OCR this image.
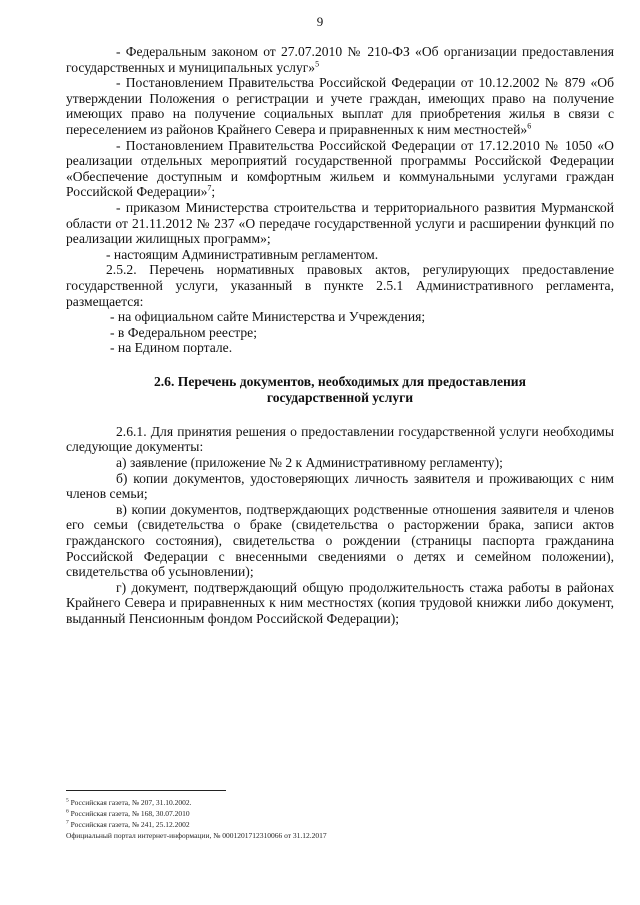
9

- Федеральным законом от 27.07.2010 № 210-ФЗ «Об организации предоставления государственных и муниципальных услуг»$^5$

- Постановлением Правительства Российской Федерации от 10.12.2002 № 879 «Об утверждении Положения о регистрации и учете граждан, имеющих право на получение имеющих право на получение социальных выплат для приобретения жилья в связи с переселением из районов Крайнего Севера и приравненных к ним местностей»$^6$

- Постановлением Правительства Российской Федерации от 17.12.2010 № 1050 «О реализации отдельных мероприятий государственной программы Российской Федерации «Обеспечение доступным и комфортным жильем и коммунальными услугами граждан Российской Федерации»$^7$;

- приказом Министерства строительства и территориального развития Мурманской области от 21.11.2012 № 237 «О передаче государственной услуги и расширении функций по реализации жилищных программ»;

- настоящим Административным регламентом.

2.5.2. Перечень нормативных правовых актов, регулирующих предоставление государственной услуги, указанный в пункте 2.5.1 Административного регламента, размещается:

- на официальном сайте Министерства и Учреждения;

- в Федеральном реестре;

- на Едином портале.

2.6. Перечень документов, необходимых для предоставления государственной услуги

2.6.1. Для принятия решения о предоставлении государственной услуги необходимы следующие документы:

а) заявление (приложение № 2 к Административному регламенту);

б) копии документов, удостоверяющих личность заявителя и проживающих с ним членов семьи;

в) копии документов, подтверждающих родственные отношения заявителя и членов его семьи (свидетельства о браке (свидетельства о расторжении брака, записи актов гражданского состояния), свидетельства о рождении (страницы паспорта гражданина Российской Федерации с внесенными сведениями о детях и семейном положении), свидетельства об усыновлении);

г) документ, подтверждающий общую продолжительность стажа работы в районах Крайнего Севера и приравненных к ним местностях (копия трудовой книжки либо документ, выданный Пенсионным фондом Российской Федерации);

$^5$ Российская газета, № 207, 31.10.2002.
$^6$ Российская газета, № 168, 30.07.2010
$^7$ Российская газета, № 241, 25.12.2002
Официальный портал интернет-информации, № 0001201712310066 от 31.12.2017
